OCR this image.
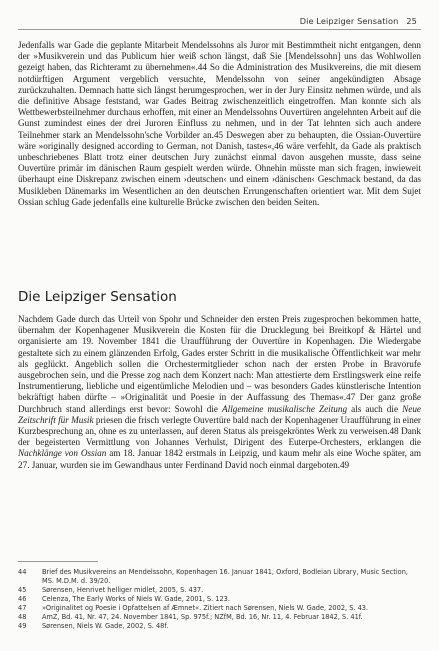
Die Leipziger Sensation 25

Jedenfalls war Gade die geplante Mitarbeit Mendelssohns als Juror mit Bestimmtheit nicht entgangen, denn der »Musikverein und das Publicum hier weiß schon längst, daß Sie [Mendelssohn] uns das Wohlwollen gezeigt haben, das Richteramt zu übernehmen«.44 So die Administration des Musikvereins, die mit diesem notdürftigen Argument vergeblich versuchte, Mendelssohn von seiner angekündigten Absage zurückzuhalten. Demnach hatte sich längst herumgesprochen, wer in der Jury Einsitz nehmen würde, und als die definitive Absage feststand, war Gades Beitrag zwischenzeitlich eingetroffen. Man konnte sich als Wettbewerbsteilnehmer durchaus erhoffen, mit einer an Mendelssohns Ouvertüren angelehnten Arbeit auf die Gunst zumindest eines der drei Juroren Einfluss zu nehmen, und in der Tat lehnten sich auch andere Teilnehmer stark an Mendelssohn'sche Vorbilder an.45 Deswegen aber zu behaupten, die Ossian-Ouvertüre wäre »originally designed according to German, not Danish, tastes«,46 wäre verfehlt, da Gade als praktisch unbeschriebenes Blatt trotz einer deutschen Jury zunächst einmal davon ausgehen musste, dass seine Ouvertüre primär im dänischen Raum gespielt werden würde. Ohnehin müsste man sich fragen, inwieweit überhaupt eine Diskrepanz zwischen einem ›deutschen‹ und einem ›dänischen‹ Geschmack bestand, da das Musikleben Dänemarks im Wesentlichen an den deutschen Errungenschaften orientiert war. Mit dem Sujet Ossian schlug Gade jedenfalls eine kulturelle Brücke zwischen den beiden Seiten.

Die Leipziger Sensation

Nachdem Gade durch das Urteil von Spohr und Schneider den ersten Preis zugesprochen bekommen hatte, übernahm der Kopenhagener Musikverein die Kosten für die Drucklegung bei Breitkopf & Härtel und organisierte am 19. November 1841 die Uraufführung der Ouvertüre in Kopenhagen. Die Wiedergabe gestaltete sich zu einem glänzenden Erfolg, Gades erster Schritt in die musikalische Öffentlichkeit war mehr als geglückt. Angeblich sollen die Orchestermitglieder schon nach der ersten Probe in Bravorufe ausgebrochen sein, und die Presse zog nach dem Konzert nach: Man attestierte dem Erstlingswerk eine reife Instrumentierung, liebliche und eigentümliche Melodien und – was besonders Gades künstlerische Intention bekräftigt haben dürfte – »Originalität und Poesie in der Auffassung des Themas«.47 Der ganz große Durchbruch stand allerdings erst bevor: Sowohl die Allgemeine musikalische Zeitung als auch die Neue Zeitschrift für Musik priesen die frisch verlegte Ouvertüre bald nach der Kopenhagener Uraufführung in einer Kurzbesprechung an, ohne es zu unterlassen, auf deren Status als preisgekröntes Werk zu verweisen.48 Dank der begeisterten Vermittlung von Johannes Verhulst, Dirigent des Euterpe-Orchesters, erklangen die Nachklänge von Ossian am 18. Januar 1842 erstmals in Leipzig, und kaum mehr als eine Woche später, am 27. Januar, wurden sie im Gewandhaus unter Ferdinand David noch einmal dargeboten.49

44	Brief des Musikvereins an Mendelssohn, Kopenhagen 16. Januar 1841, Oxford, Bodleian Library, Music Section, MS. M.D.M. d. 39/20.
45	Sørensen, Henrivet helliger midlet, 2005, S. 437.
46	Celenza, The Early Works of Niels W. Gade, 2001, S. 123.
47	»Originalitet og Poesie i Opfattelsen af Æmnet«. Zitiert nach Sørensen, Niels W. Gade, 2002, S. 43.
48	AmZ, Bd. 41, Nr. 47, 24. November 1841, Sp. 975f.; NZfM, Bd. 16, Nr. 11, 4. Februar 1842, S. 41f.
49	Sørensen, Niels W. Gade, 2002, S. 48f.
